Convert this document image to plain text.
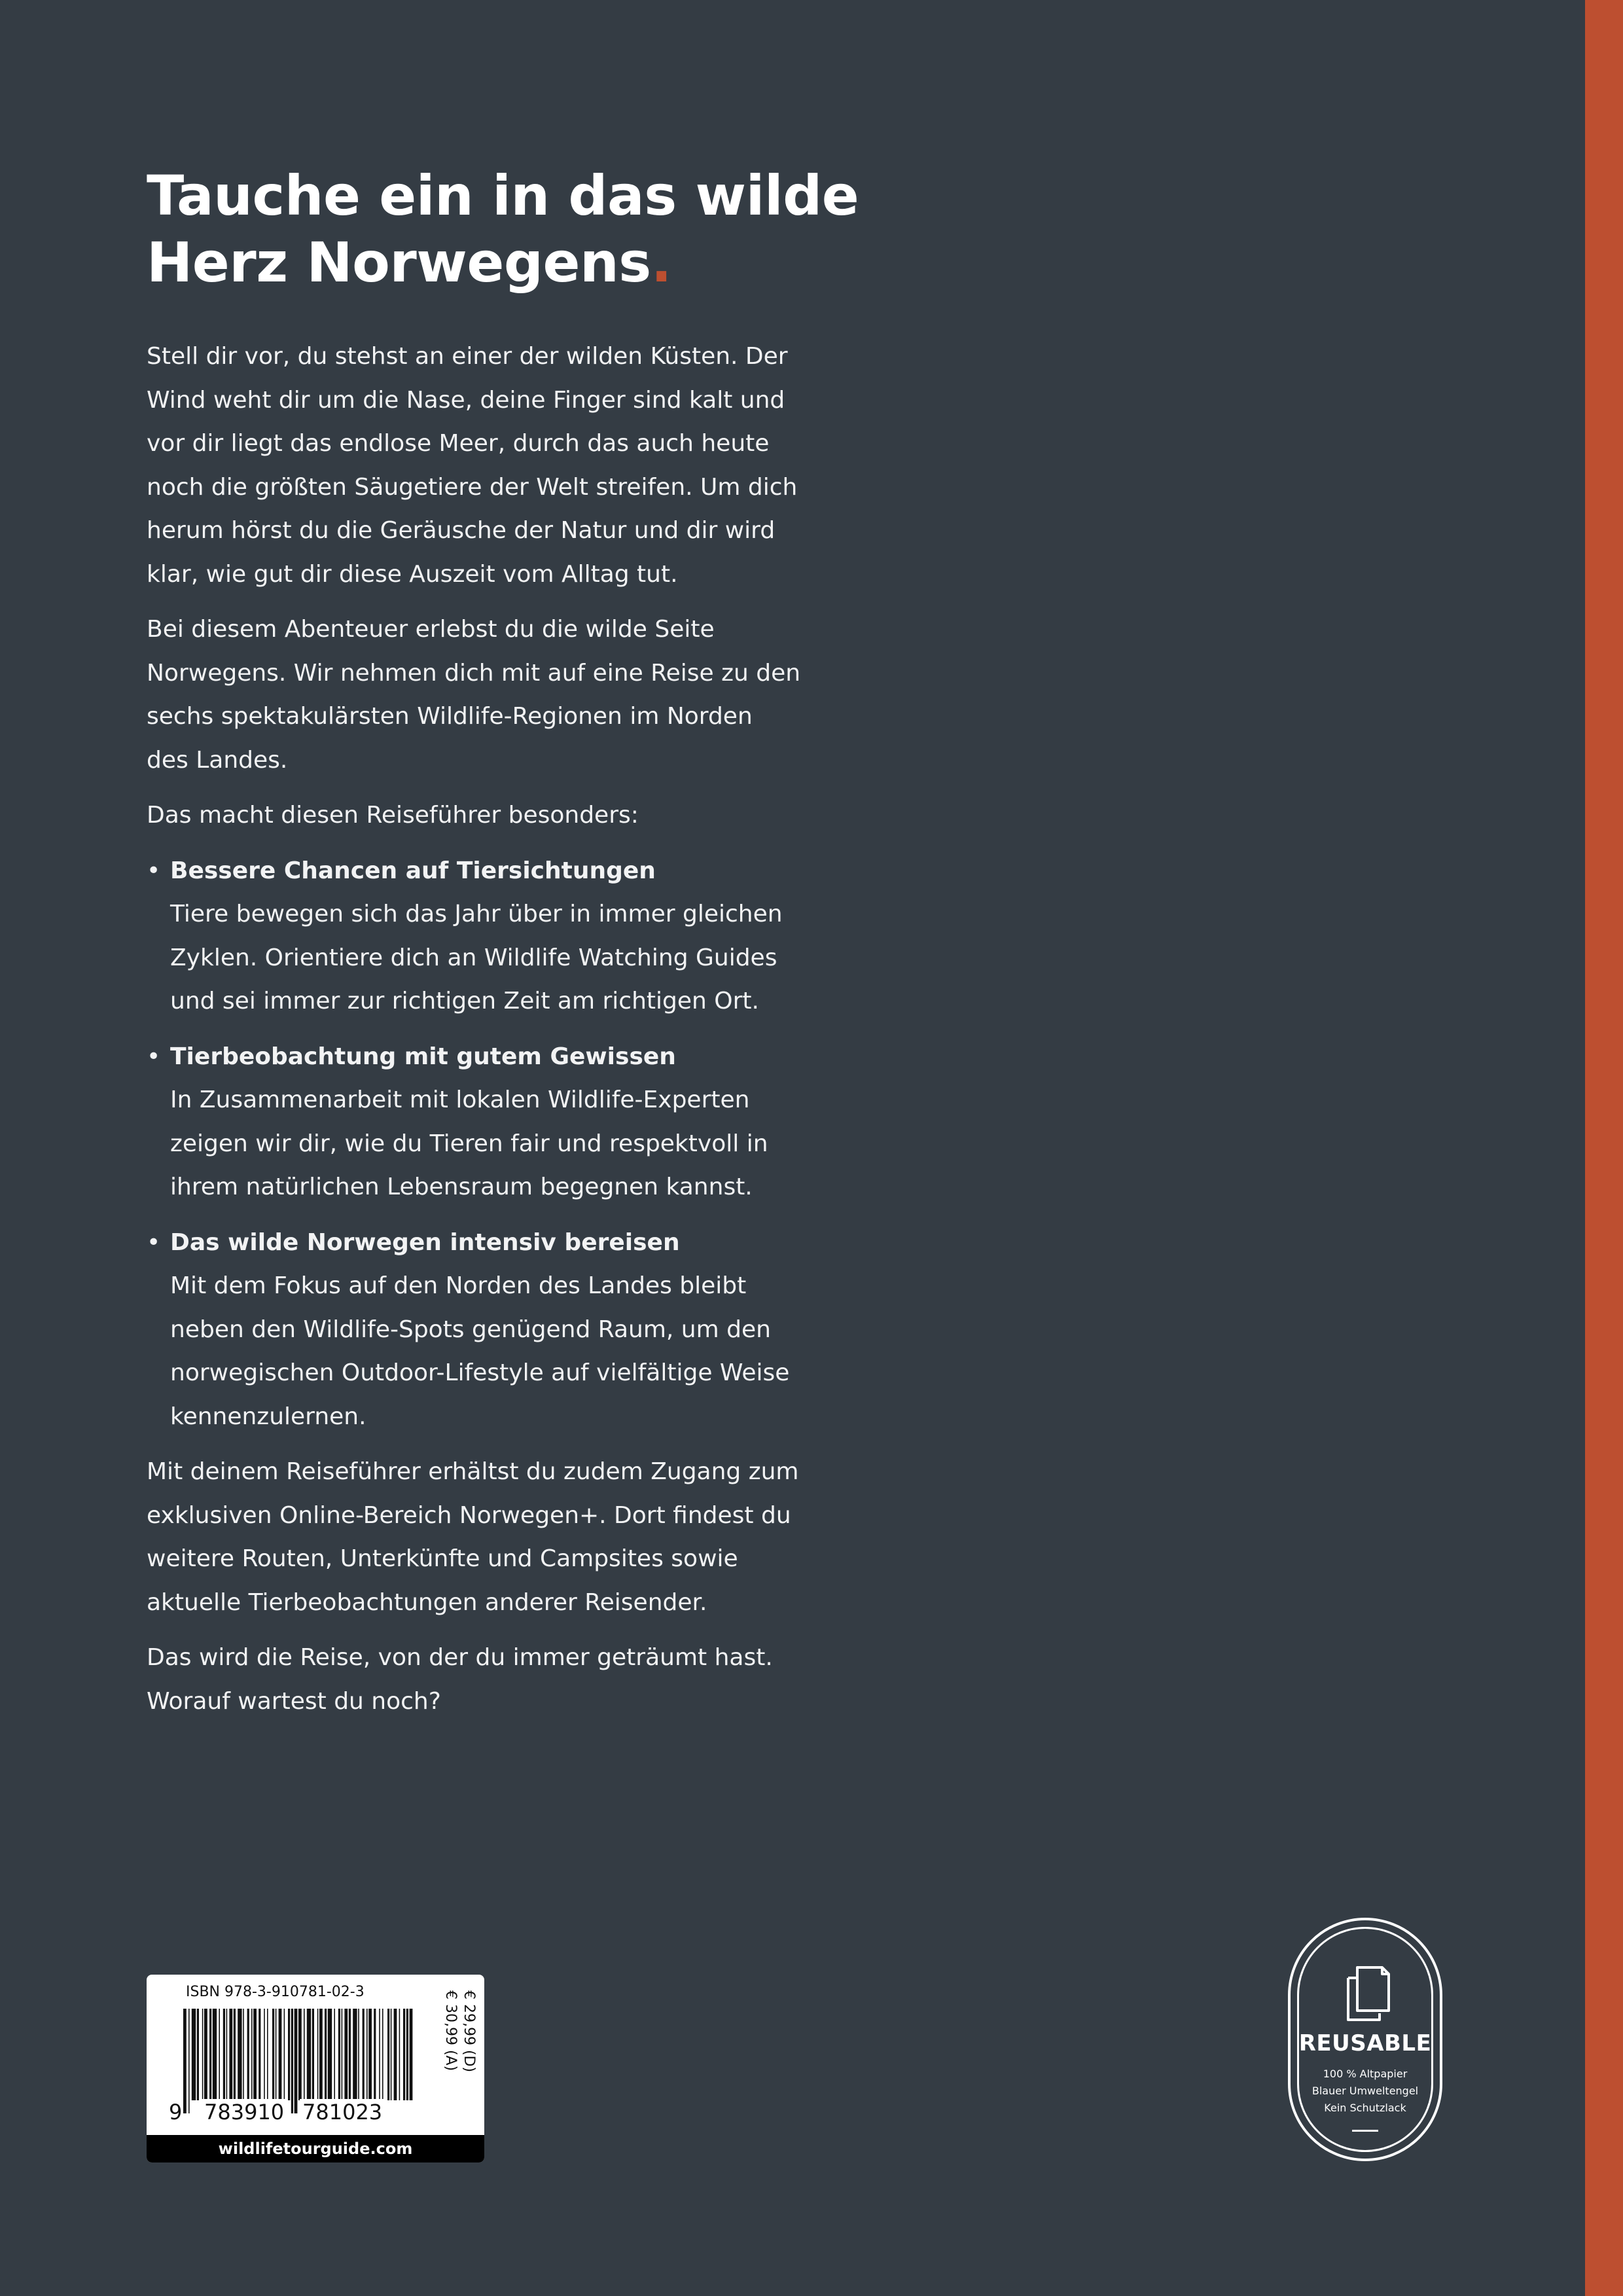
Tauche ein in das wilde
Herz Norwegens.

Stell dir vor, du stehst an einer der wilden Küsten. Der Wind weht dir um die Nase, deine Finger sind kalt und vor dir liegt das endlose Meer, durch das auch heute noch die größten Säugetiere der Welt streifen. Um dich herum hörst du die Geräusche der Natur und dir wird klar, wie gut dir diese Auszeit vom Alltag tut.

Bei diesem Abenteuer erlebst du die wilde Seite Norwegens. Wir nehmen dich mit auf eine Reise zu den sechs spektakulärsten Wildlife-Regionen im Norden des Landes.

Das macht diesen Reiseführer besonders:

• Bessere Chancen auf Tiersichtungen
Tiere bewegen sich das Jahr über in immer gleichen Zyklen. Orientiere dich an Wildlife Watching Guides und sei immer zur richtigen Zeit am richtigen Ort.
• Tierbeobachtung mit gutem Gewissen
In Zusammenarbeit mit lokalen Wildlife-Experten zeigen wir dir, wie du Tieren fair und respektvoll in ihrem natürlichen Lebensraum begegnen kannst.
• Das wilde Norwegen intensiv bereisen
Mit dem Fokus auf den Norden des Landes bleibt neben den Wildlife-Spots genügend Raum, um den norwegischen Outdoor-Lifestyle auf vielfältige Weise kennenzulernen.

Mit deinem Reiseführer erhältst du zudem Zugang zum exklusiven Online-Bereich Norwegen+. Dort findest du weitere Routen, Unterkünfte und Campsites sowie aktuelle Tierbeobachtungen anderer Reisender.

Das wird die Reise, von der du immer geträumt hast. Worauf wartest du noch?

ISBN 978-3-910781-02-3
9 783910 781023
€ 29,99 (D)
€ 30,99 (A)
wildlifetourguide.com
REUSABLE
100 % Altpapier
Blauer Umweltengel
Kein Schutzlack
